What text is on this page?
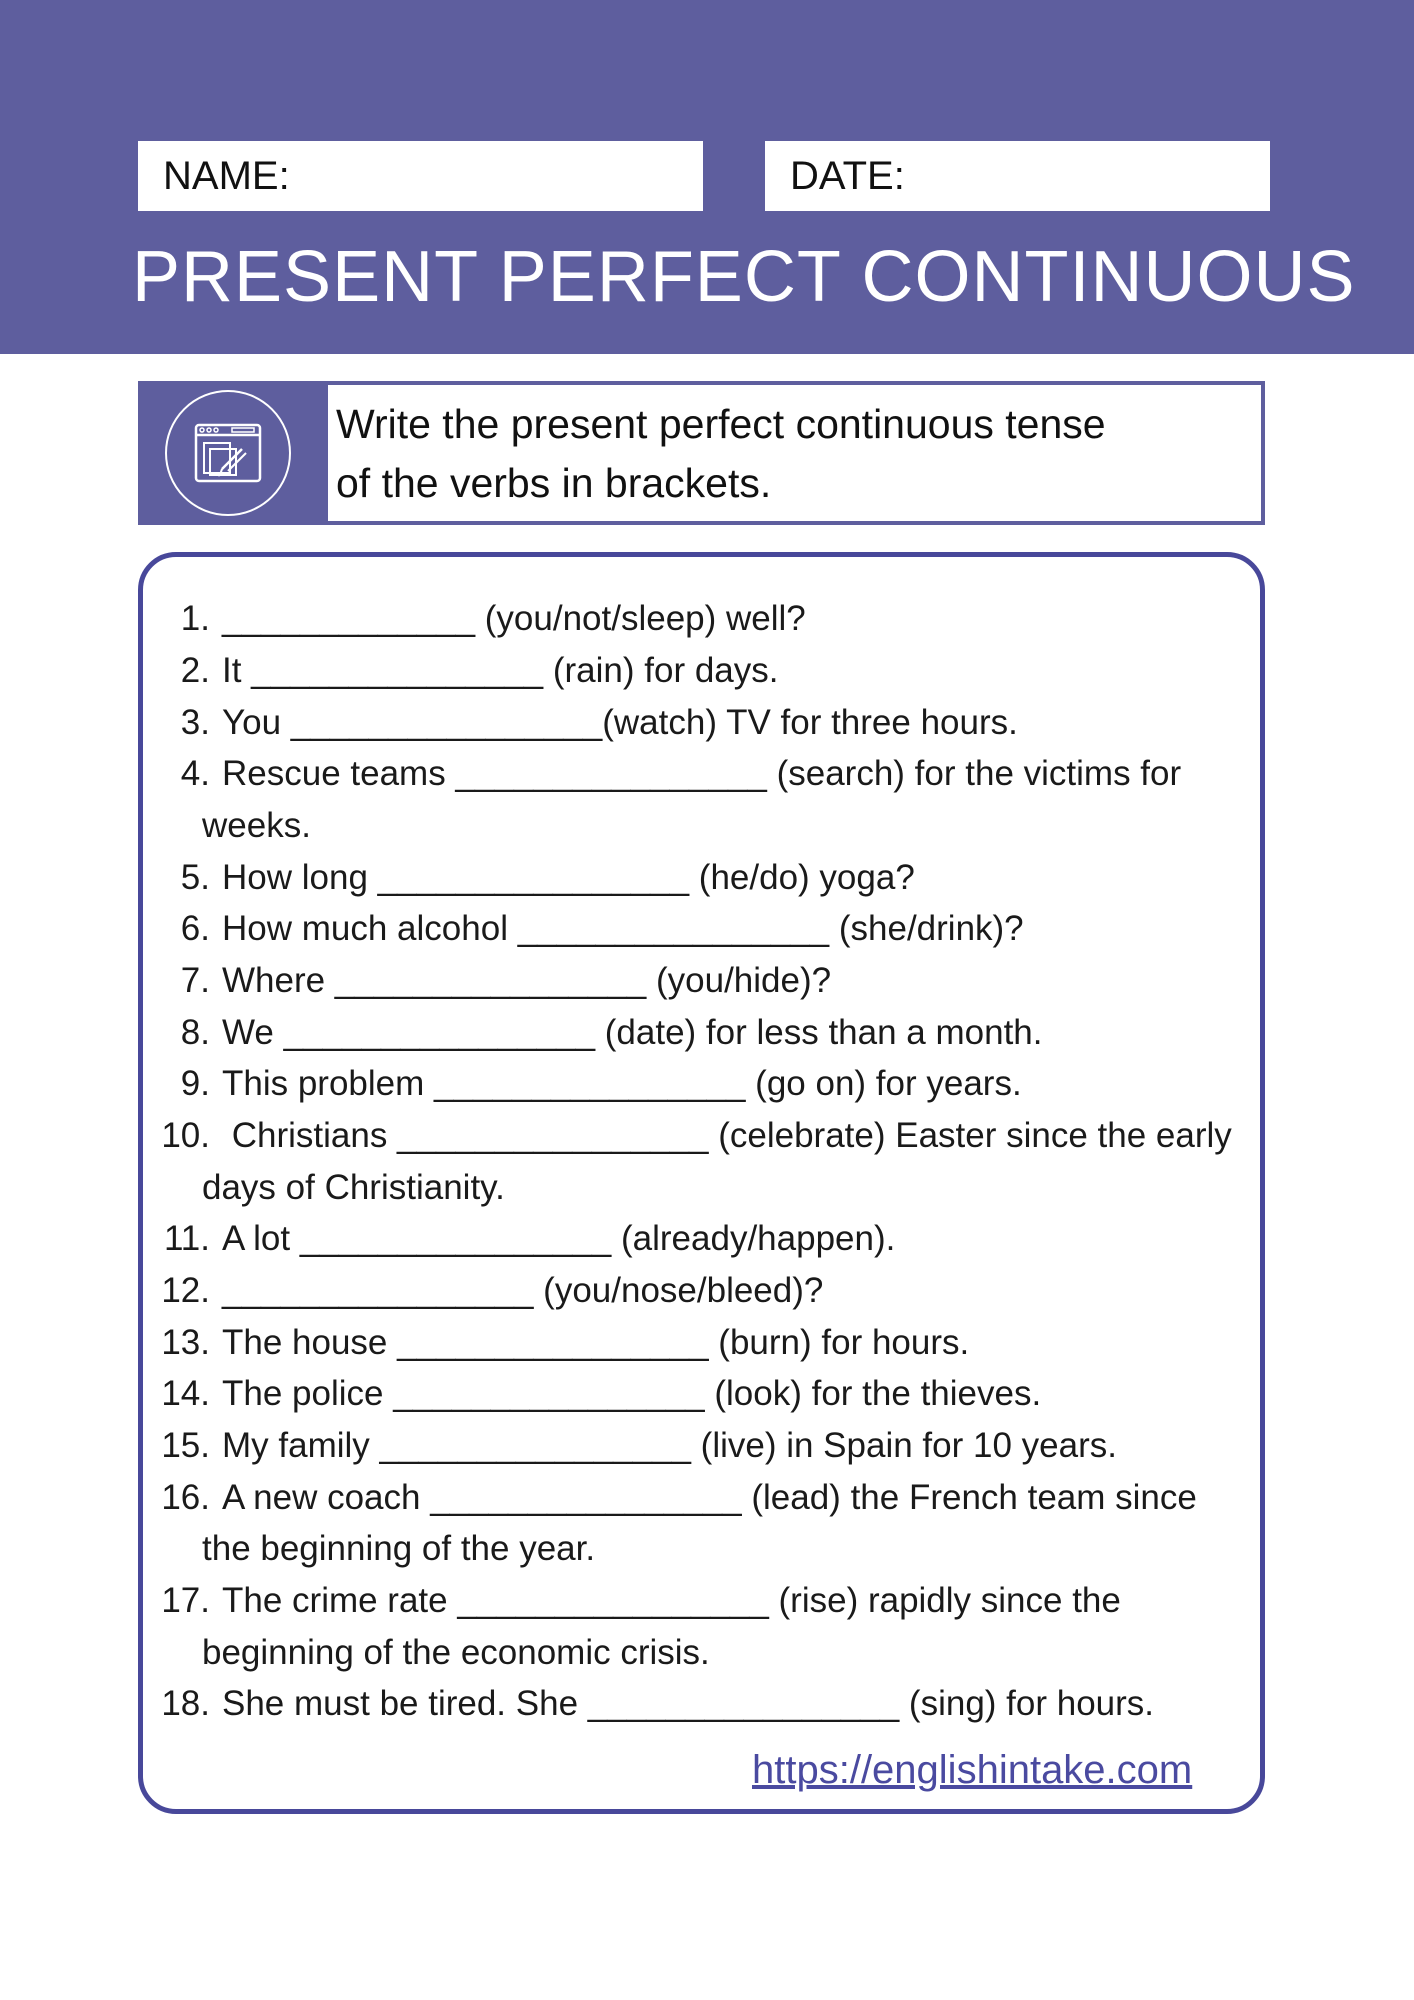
NAME:	DATE:
PRESENT PERFECT CONTINUOUS
Write the present perfect continuous tense
of the verbs in brackets.
1. _____________ (you/not/sleep) well?
2. It _______________ (rain) for days.
3. You ________________(watch) TV for three hours.
4. Rescue teams ________________ (search) for the victims for
weeks.
5. How long ________________ (he/do) yoga?
6. How much alcohol ________________ (she/drink)?
7. Where ________________ (you/hide)?
8. We ________________ (date) for less than a month.
9. This problem ________________ (go on) for years.
10. Christians ________________ (celebrate) Easter since the early
days of Christianity.
11. A lot ________________ (already/happen).
12. ________________ (you/nose/bleed)?
13. The house ________________ (burn) for hours.
14. The police ________________ (look) for the thieves.
15. My family ________________ (live) in Spain for 10 years.
16. A new coach ________________ (lead) the French team since
the beginning of the year.
17. The crime rate ________________ (rise) rapidly since the
beginning of the economic crisis.
18. She must be tired. She ________________ (sing) for hours.
https://englishintake.com
